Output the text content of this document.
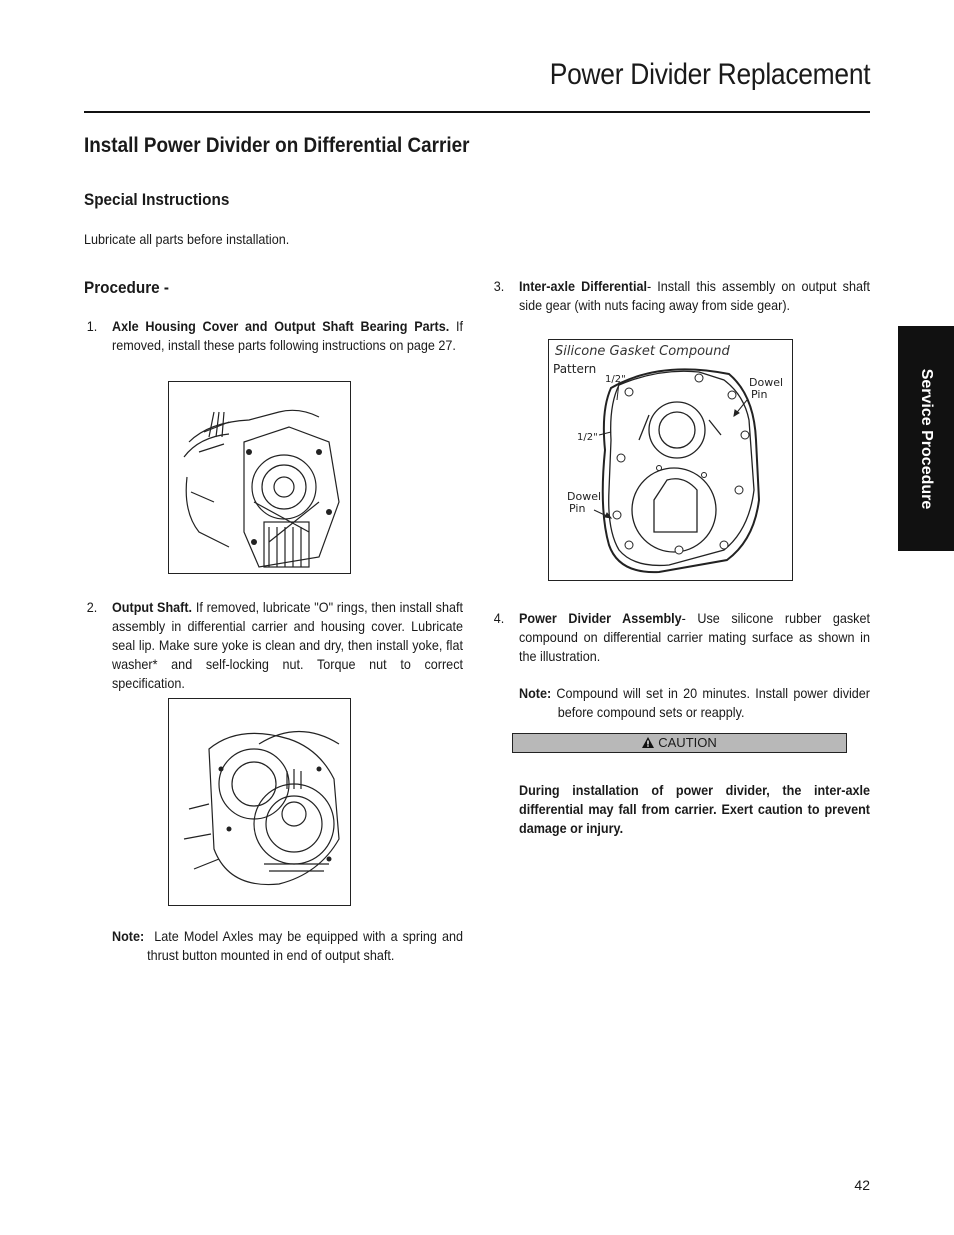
Power Divider Replacement
Install Power Divider on Differential Carrier
Special Instructions
Lubricate all parts before installation.
Procedure -
1. Axle Housing Cover and Output Shaft Bearing Parts. If removed, install these parts following instructions on page 27.

2. Output Shaft. If removed, lubricate "O" rings, then install shaft assembly in differential carrier and housing cover. Lubricate seal lip. Make sure yoke is clean and dry, then install yoke, flat washer* and self-locking nut. Torque nut to correct specification.

Note: Late Model Axles may be equipped with a spring and thrust button mounted in end of output shaft.

3. Inter-axle Differential- Install this assembly on output shaft side gear (with nuts facing away from side gear).

Silicone Gasket Compound
Pattern
1/2"
1/2"
Dowel
Pin
Dowel
Pin
4. Power Divider Assembly- Use silicone rubber gasket compound on differential carrier mating surface as shown in the illustration.

Note: Compound will set in 20 minutes. Install power divider before compound sets or reapply.

CAUTION

During installation of power divider, the inter-axle differential may fall from carrier. Exert caution to prevent damage or injury.

Service Procedure
42
